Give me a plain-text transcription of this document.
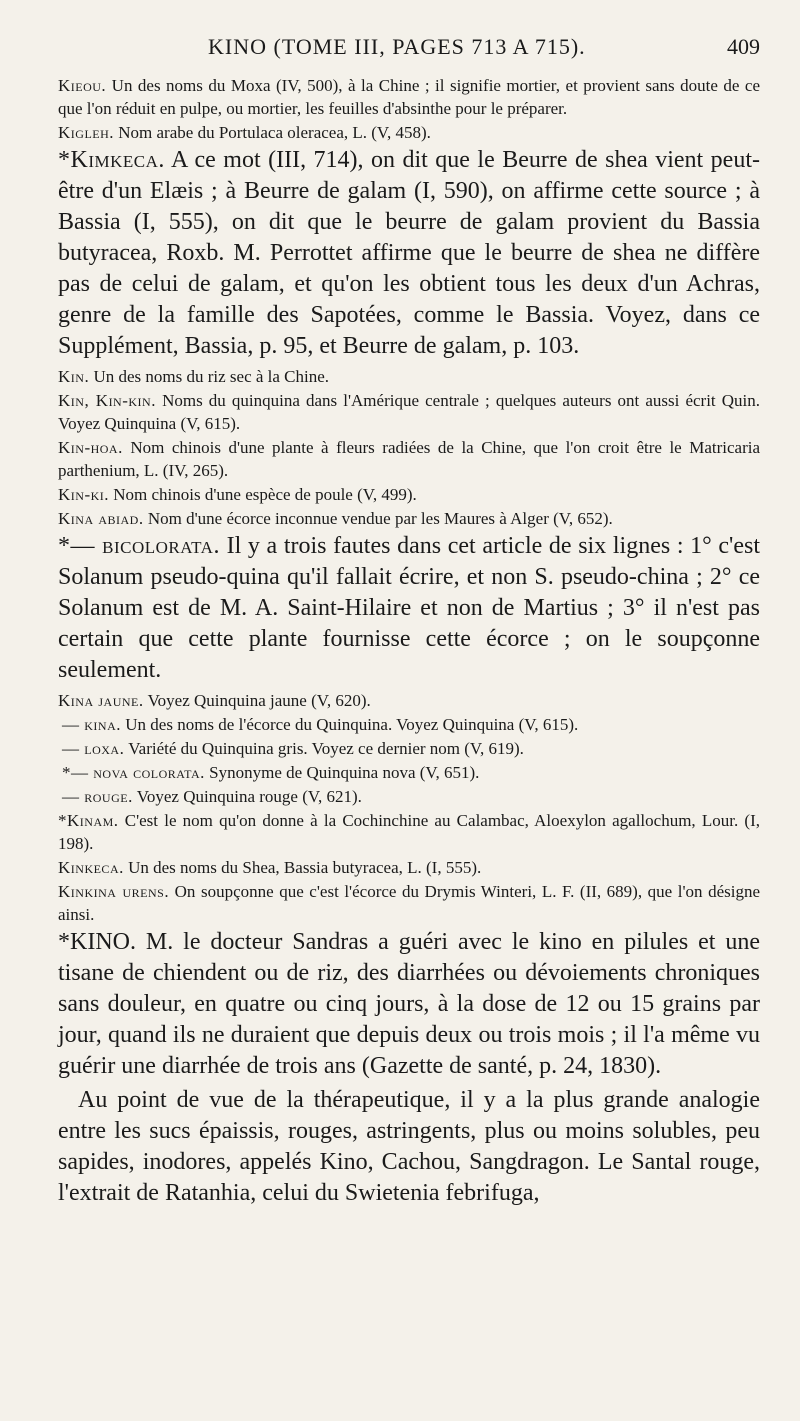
KINO (TOME III, PAGES 713 A 715).	409

Kieou. Un des noms du Moxa (IV, 500), à la Chine ; il signifie mortier, et provient sans doute de ce que l'on réduit en pulpe, ou mortier, les feuilles d'absinthe pour le préparer.

Kigleh. Nom arabe du Portulaca oleracea, L. (V, 458).

*Kimkeca. A ce mot (III, 714), on dit que le Beurre de shea vient peut-être d'un Elæis ; à Beurre de galam (I, 590), on affirme cette source ; à Bassia (I, 555), on dit que le beurre de galam provient du Bassia butyracea, Roxb. M. Perrottet affirme que le beurre de shea ne diffère pas de celui de galam, et qu'on les obtient tous les deux d'un Achras, genre de la famille des Sapotées, comme le Bassia. Voyez, dans ce Supplément, Bassia, p. 95, et Beurre de galam, p. 103.

Kin. Un des noms du riz sec à la Chine.

Kin, Kin-kin. Noms du quinquina dans l'Amérique centrale ; quelques auteurs ont aussi écrit Quin. Voyez Quinquina (V, 615).

Kin-hoa. Nom chinois d'une plante à fleurs radiées de la Chine, que l'on croit être le Matricaria parthenium, L. (IV, 265).

Kin-ki. Nom chinois d'une espèce de poule (V, 499).

Kina abiad. Nom d'une écorce inconnue vendue par les Maures à Alger (V, 652).

*— bicolorata. Il y a trois fautes dans cet article de six lignes : 1° c'est Solanum pseudo-quina qu'il fallait écrire, et non S. pseudo-china ; 2° ce Solanum est de M. A. Saint-Hilaire et non de Martius ; 3° il n'est pas certain que cette plante fournisse cette écorce ; on le soupçonne seulement.

Kina jaune. Voyez Quinquina jaune (V, 620).

— kina. Un des noms de l'écorce du Quinquina. Voyez Quinquina (V, 615).

— loxa. Variété du Quinquina gris. Voyez ce dernier nom (V, 619).

*— nova colorata. Synonyme de Quinquina nova (V, 651).

— rouge. Voyez Quinquina rouge (V, 621).

*Kinam. C'est le nom qu'on donne à la Cochinchine au Calambac, Aloexylon agallochum, Lour. (I, 198).

Kinkeca. Un des noms du Shea, Bassia butyracea, L. (I, 555).

Kinkina urens. On soupçonne que c'est l'écorce du Drymis Winteri, L. F. (II, 689), que l'on désigne ainsi.

*KINO. M. le docteur Sandras a guéri avec le kino en pilules et une tisane de chiendent ou de riz, des diarrhées ou dévoiements chroniques sans douleur, en quatre ou cinq jours, à la dose de 12 ou 15 grains par jour, quand ils ne duraient que depuis deux ou trois mois ; il l'a même vu guérir une diarrhée de trois ans (Gazette de santé, p. 24, 1830).

Au point de vue de la thérapeutique, il y a la plus grande analogie entre les sucs épaissis, rouges, astringents, plus ou moins solubles, peu sapides, inodores, appelés Kino, Cachou, Sangdragon. Le Santal rouge, l'extrait de Ratanhia, celui du Swietenia febrifuga,
